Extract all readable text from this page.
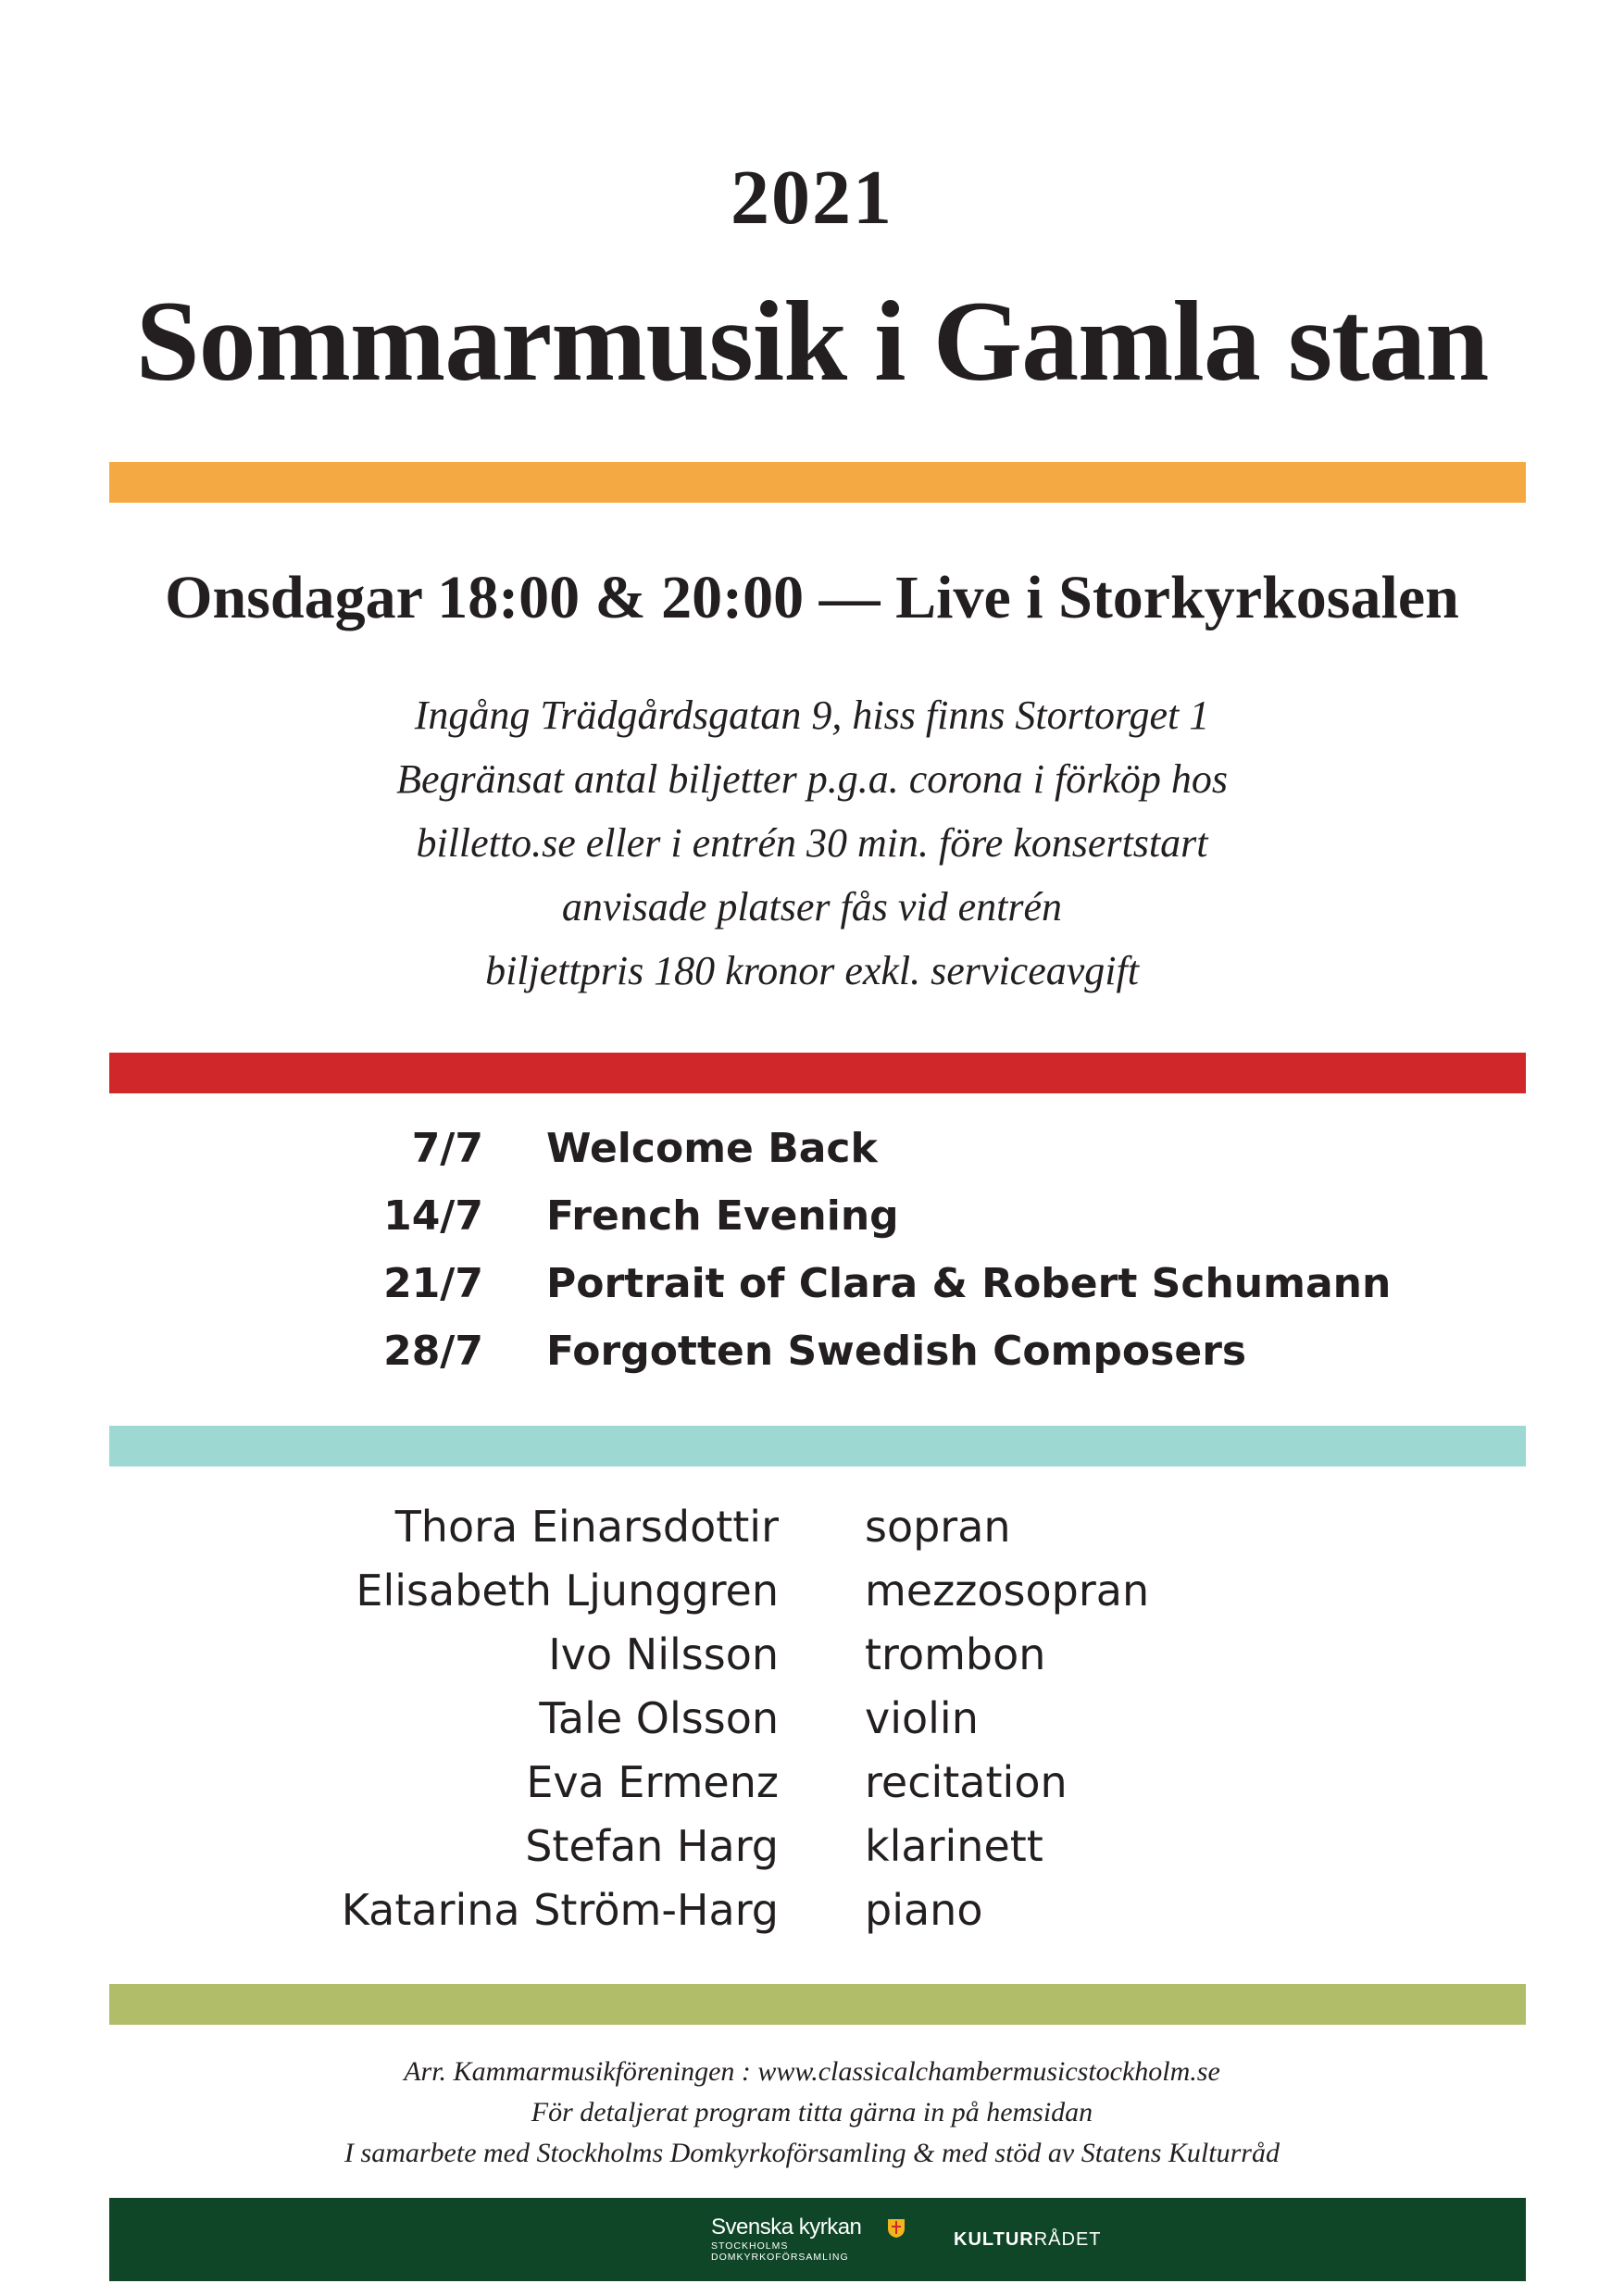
2021
Sommarmusik i Gamla stan
Onsdagar 18:00 & 20:00 — Live i Storkyrkosalen
Ingång Trädgårdsgatan 9, hiss finns Stortorget 1
Begränsat antal biljetter p.g.a. corona i förköp hos
billetto.se eller i entrén 30 min. före konsertstart
anvisade platser fås vid entrén
biljettpris 180 kronor exkl. serviceavgift
7/7 Welcome Back
14/7 French Evening
21/7 Portrait of Clara & Robert Schumann
28/7 Forgotten Swedish Composers
Thora Einarsdottir sopran
Elisabeth Ljunggren mezzosopran
Ivo Nilsson trombon
Tale Olsson violin
Eva Ermenz recitation
Stefan Harg klarinett
Katarina Ström-Harg piano
Arr. Kammarmusikföreningen : www.classicalchambermusicstockholm.se
För detaljerat program titta gärna in på hemsidan
I samarbete med Stockholms Domkyrkoförsamling & med stöd av Statens Kulturråd
Svenska kyrkan
STOCKHOLMS
DOMKYRKOFÖRSAMLING
KULTURRÅDET
